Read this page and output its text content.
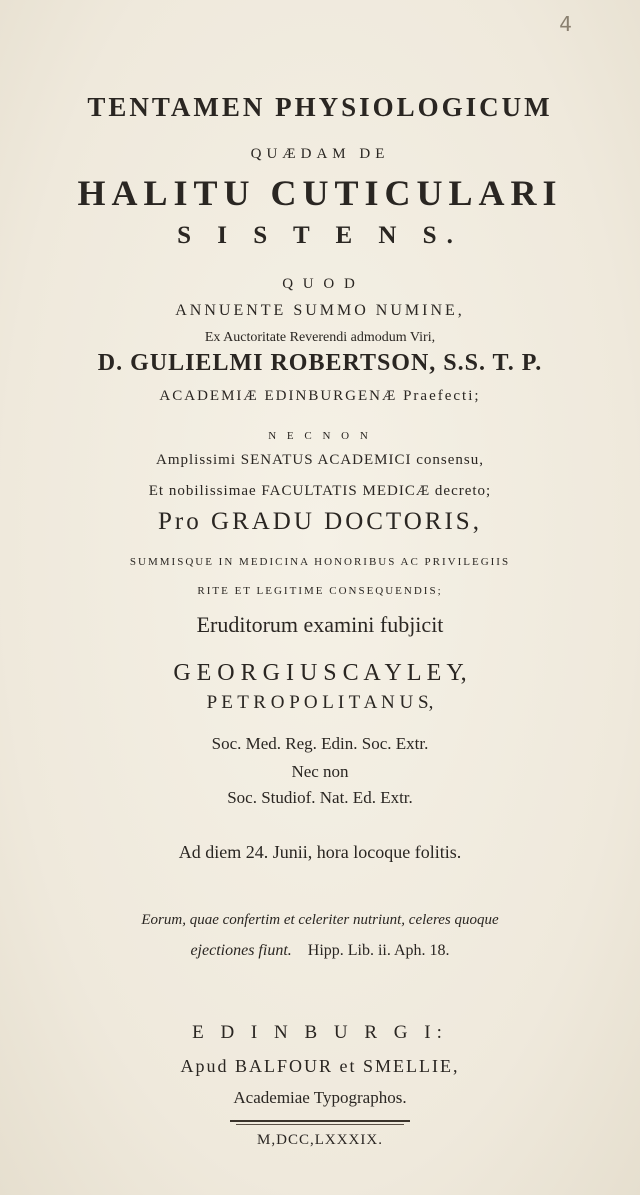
4
TENTAMEN PHYSIOLOGICUM
QUÆDAM DE
HALITU CUTICULARI
S I S T E N S.
Q U O D
ANNUENTE SUMMO NUMINE,
Ex Auctoritate Reverendi admodum Viri,
D. GULIELMI ROBERTSON, S.S. T. P.
ACADEMIÆ EDINBURGENÆ Praefecti;
N E C N O N
Amplissimi SENATUS ACADEMICI consensu,
Et nobilissimae FACULTATIS MEDICÆ decreto;
Pro GRADU DOCTORIS,
SUMMISQUE IN MEDICINA HONORIBUS AC PRIVILEGIIS
RITE ET LEGITIME CONSEQUENDIS;
Eruditorum examini fubjicit
G E O R G I U S C A Y L E Y,
P E T R O P O L I T A N U S,
Soc. Med. Reg. Edin. Soc. Extr.
Nec non
Soc. Studiof. Nat. Ed. Extr.
Ad diem 24. Junii, hora locoque folitis.
Eorum, quae confertim et celeriter nutriunt, celeres quoque
ejectiones fiunt. Hipp. Lib. ii. Aph. 18.
E D I N B U R G I:
Apud BALFOUR et SMELLIE,
Academiae Typographos.
M,DCC,LXXXIX.
